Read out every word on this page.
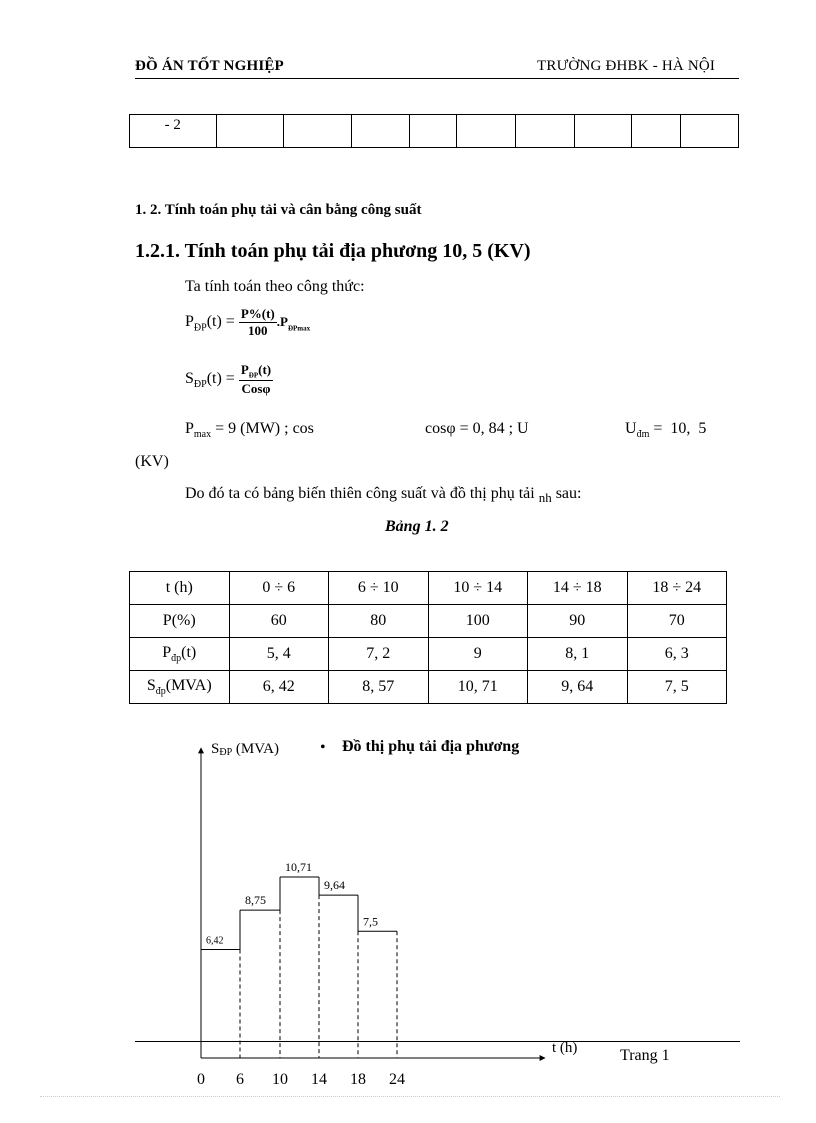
ĐỒ ÁN TỐT NGHIỆP	TRƯỜNG ĐHBK - HÀ NỘI
- 2									
1. 2. Tính toán phụ tải và cân bằng công suất
1.2.1. Tính toán phụ tải địa phương 10, 5 (KV)
Ta tính toán theo công thức:
$P_{ĐP}(t) = \frac{P\%(t)}{100} .P_{ĐPmax}$
$S_{ĐP}(t) = \frac{P_{ĐP}(t)}{\text{Cosφ}}$
$P_{max} = 9$ (MW) ; cos	cosφ = 0, 84 ; U	$U_{đm} = 10$,  5
(KV)
Do đó ta có bảng biến thiên công suất và đồ thị phụ tải $_{nh}$ sau:
Bảng 1. 2
t (h)	0 ÷ 6	6 ÷ 10	10 ÷ 14	14 ÷ 18	18 ÷ 24
P(%)	60	80	100	90	70
$P_{đp}(t)$	5, 4	7, 2	9	8, 1	6, 3
$S_{đp}(MVA)$	6, 42	8, 57	10, 71	9, 64	7, 5
SĐP (MVA)	• Đồ thị phụ tải địa phương
t (h)
6,42
8,75
10,71
9,64
7,5
0 6 10 14 18 24
Trang 1
